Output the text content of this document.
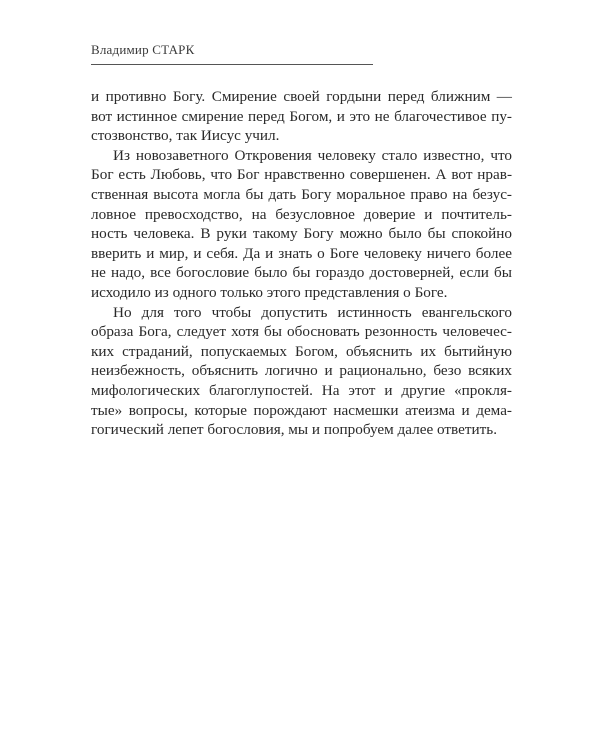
Владимир СТАРК
и противно Богу. Смирение своей гордыни перед ближним —
вот истинное смирение перед Богом, и это не благочестивое пу-
стозвонство, так Иисус учил.
Из новозаветного Откровения человеку стало известно, что
Бог есть Любовь, что Бог нравственно совершенен. А вот нрав-
ственная высота могла бы дать Богу моральное право на безус-
ловное превосходство, на безусловное доверие и почтитель-
ность человека. В руки такому Богу можно было бы спокойно
вверить и мир, и себя. Да и знать о Боге человеку ничего более
не надо, все богословие было бы гораздо достоверней, если бы
исходило из одного только этого представления о Боге.
Но для того чтобы допустить истинность евангельского
образа Бога, следует хотя бы обосновать резонность человечес-
ких страданий, попускаемых Богом, объяснить их бытийную
неизбежность, объяснить логично и рационально, безо всяких
мифологических благоглупостей. На этот и другие «прокля-
тые» вопросы, которые порождают насмешки атеизма и дема-
гогический лепет богословия, мы и попробуем далее ответить.
